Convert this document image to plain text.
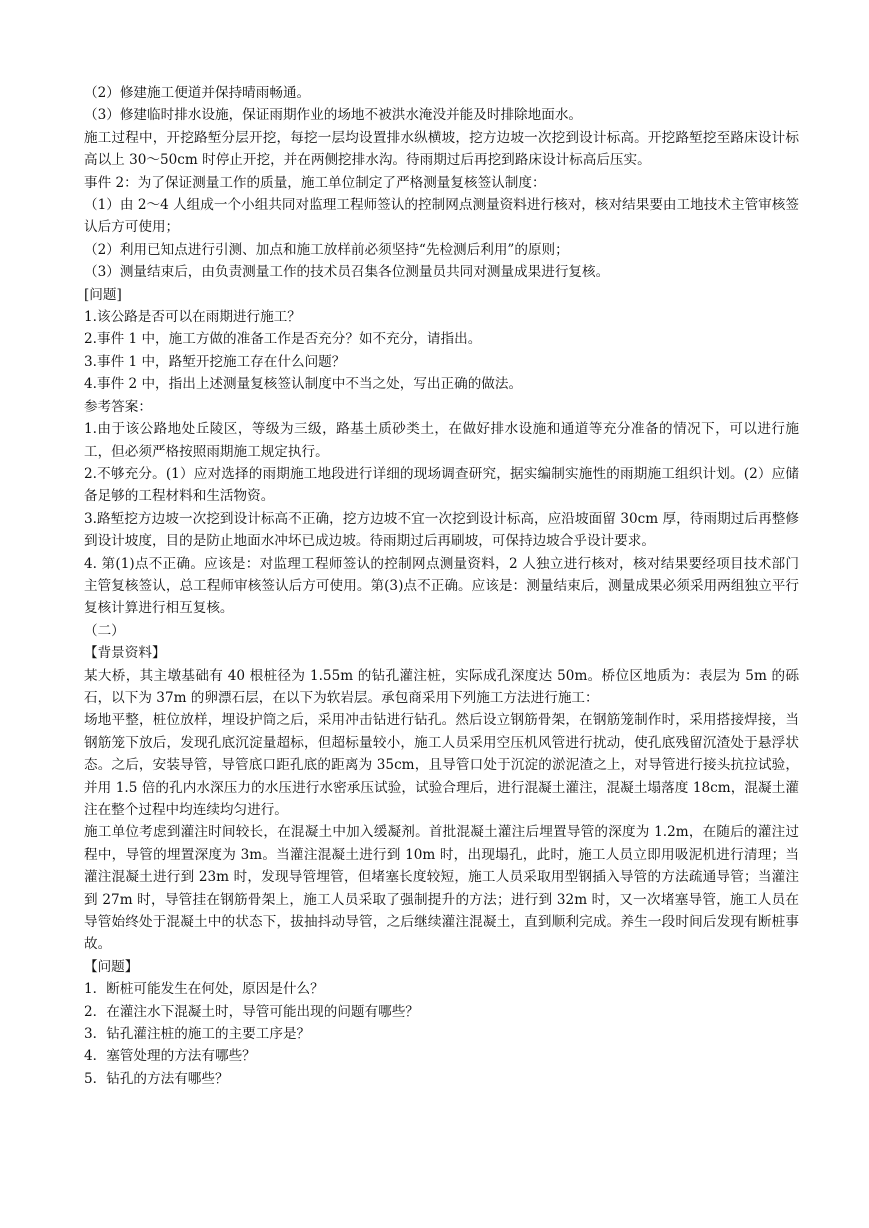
（2）修建施工便道并保持晴雨畅通。

（3）修建临时排水设施，保证雨期作业的场地不被洪水淹没并能及时排除地面水。

施工过程中，开挖路堑分层开挖，每挖一层均设置排水纵横坡，挖方边坡一次挖到设计标高。开挖路堑挖至路床设计标高以上 30～50cm 时停止开挖，并在两侧挖排水沟。待雨期过后再挖到路床设计标高后压实。

事件 2：为了保证测量工作的质量，施工单位制定了严格测量复核签认制度：

（1）由 2～4 人组成一个小组共同对监理工程师签认的控制网点测量资料进行核对，核对结果要由工地技术主管审核签认后方可使用；

（2）利用已知点进行引测、加点和施工放样前必须坚持“先检测后利用”的原则；

（3）测量结束后，由负责测量工作的技术员召集各位测量员共同对测量成果进行复核。

[问题]

1.该公路是否可以在雨期进行施工？

2.事件 1 中，施工方做的准备工作是否充分？如不充分，请指出。

3.事件 1 中，路堑开挖施工存在什么问题？

4.事件 2 中，指出上述测量复核签认制度中不当之处，写出正确的做法。

参考答案：

1.由于该公路地处丘陵区，等级为三级，路基土质砂类土，在做好排水设施和通道等充分准备的情况下，可以进行施工，但必须严格按照雨期施工规定执行。

2.不够充分。(1）应对选择的雨期施工地段进行详细的现场调查研究，据实编制实施性的雨期施工组织计划。(2）应储备足够的工程材料和生活物资。

3.路堑挖方边坡一次挖到设计标高不正确，挖方边坡不宜一次挖到设计标高，应沿坡面留 30cm 厚，待雨期过后再整修到设计坡度，目的是防止地面水冲坏已成边坡。待雨期过后再刷坡，可保持边坡合乎设计要求。

4. 第(1)点不正确。应该是：对监理工程师签认的控制网点测量资料，2 人独立进行核对，核对结果要经项目技术部门主管复核签认，总工程师审核签认后方可使用。第(3)点不正确。应该是：测量结束后，测量成果必须采用两组独立平行复核计算进行相互复核。

（二）

【背景资料】

某大桥，其主墩基础有 40 根桩径为 1.55m 的钻孔灌注桩，实际成孔深度达 50m。桥位区地质为：表层为 5m 的砾石，以下为 37m 的卵漂石层，在以下为软岩层。承包商采用下列施工方法进行施工：

场地平整，桩位放样，埋设护筒之后，采用冲击钻进行钻孔。然后设立钢筋骨架，在钢筋笼制作时，采用搭接焊接，当钢筋笼下放后，发现孔底沉淀量超标，但超标量较小，施工人员采用空压机风管进行扰动，使孔底残留沉渣处于悬浮状态。之后，安装导管，导管底口距孔底的距离为 35cm，且导管口处于沉淀的淤泥渣之上，对导管进行接头抗拉试验，并用 1.5 倍的孔内水深压力的水压进行水密承压试验，试验合理后，进行混凝土灌注，混凝土塌落度 18cm，混凝土灌注在整个过程中均连续均匀进行。

施工单位考虑到灌注时间较长，在混凝土中加入缓凝剂。首批混凝土灌注后埋置导管的深度为 1.2m，在随后的灌注过程中，导管的埋置深度为 3m。当灌注混凝土进行到 10m 时，出现塌孔，此时，施工人员立即用吸泥机进行清理；当灌注混凝土进行到 23m 时，发现导管埋管，但堵塞长度较短，施工人员采取用型钢插入导管的方法疏通导管；当灌注到 27m 时，导管挂在钢筋骨架上，施工人员采取了强制提升的方法；进行到 32m 时，又一次堵塞导管，施工人员在导管始终处于混凝土中的状态下，拔抽抖动导管，之后继续灌注混凝土，直到顺利完成。养生一段时间后发现有断桩事故。

【问题】

1．断桩可能发生在何处，原因是什么？

2．在灌注水下混凝土时，导管可能出现的问题有哪些？

3．钻孔灌注桩的施工的主要工序是？

4．塞管处理的方法有哪些？

5．钻孔的方法有哪些？
